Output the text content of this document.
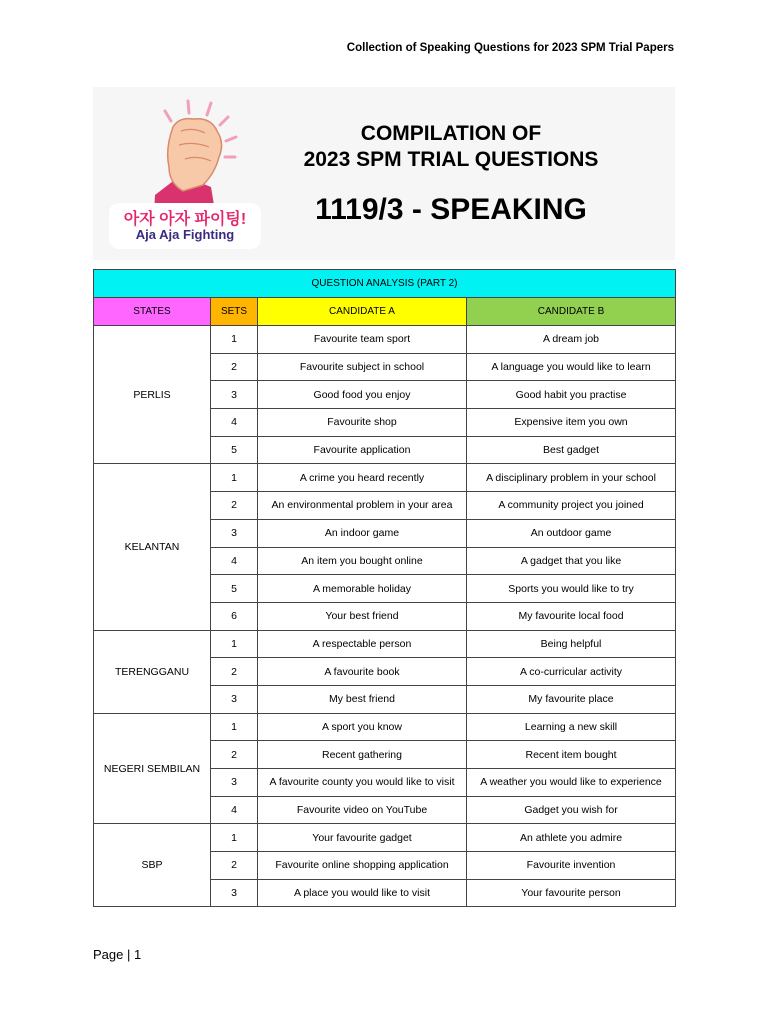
Collection of Speaking Questions for 2023 SPM Trial Papers
아자 아자 파이팅!
Aja Aja Fighting
COMPILATION OF
2023 SPM TRIAL QUESTIONS
1119/3 - SPEAKING
QUESTION ANALYSIS (PART 2)			
STATES	SETS	CANDIDATE A	CANDIDATE B
PERLIS	1	Favourite team sport	A dream job
	2	Favourite subject in school	A language you would like to learn
	3	Good food you enjoy	Good habit you practise
	4	Favourite shop	Expensive item you own
	5	Favourite application	Best gadget
KELANTAN	1	A crime you heard recently	A disciplinary problem in your school
	2	An environmental problem in your area	A community project you joined
	3	An indoor game	An outdoor game
	4	An item you bought online	A gadget that you like
	5	A memorable holiday	Sports you would like to try
	6	Your best friend	My favourite local food
TERENGGANU	1	A respectable person	Being helpful
	2	A favourite book	A co-curricular activity
	3	My best friend	My favourite place
NEGERI SEMBILAN	1	A sport you know	Learning a new skill
	2	Recent gathering	Recent item bought
	3	A favourite county you would like to visit	A weather you would like to experience
	4	Favourite video on YouTube	Gadget you wish for
SBP	1	Your favourite gadget	An athlete you admire
	2	Favourite online shopping application	Favourite invention
	3	A place you would like to visit	Your favourite person
Page | 1
